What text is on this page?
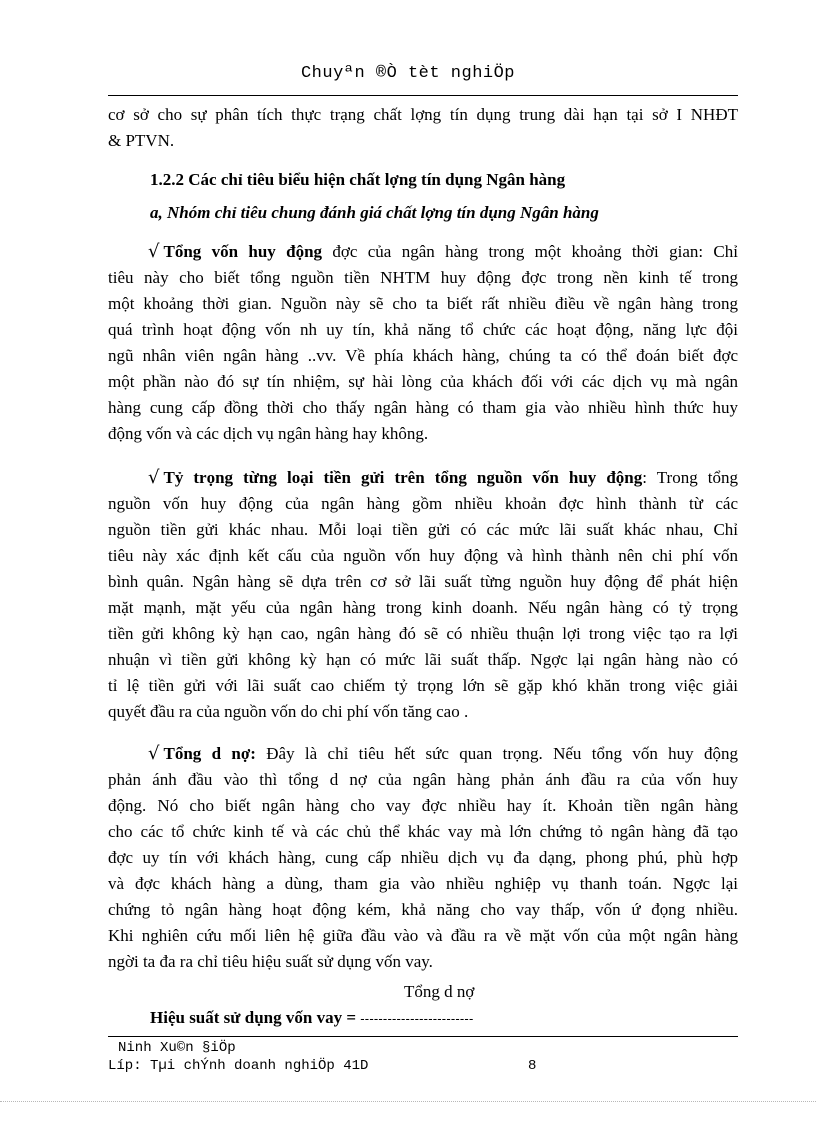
Chuyªn ®Ò tèt nghiÖp
cơ sở cho sự phân tích thực trạng chất lợng tín dụng trung dài hạn tại sở I NHĐT
& PTVN.
1.2.2 Các chỉ tiêu biểu hiện chất lợng tín dụng Ngân hàng
a, Nhóm chỉ tiêu chung đánh giá chất lợng tín dụng Ngân hàng
√ Tổng vốn huy động đợc của ngân hàng trong một khoảng thời gian: Chỉ
tiêu này cho biết tổng nguồn tiền NHTM huy động đợc trong nền kinh tế trong
một khoảng thời gian. Nguồn này sẽ cho ta biết rất nhiều điều về ngân hàng trong
quá trình hoạt động vốn nh uy tín, khả năng tổ chức các hoạt động, năng lực đội
ngũ nhân viên ngân hàng ..vv. Về phía khách hàng, chúng ta có thể đoán biết đợc
một phần nào đó sự tín nhiệm, sự hài lòng của khách đối với các dịch vụ mà ngân
hàng cung cấp đồng thời cho thấy ngân hàng có tham gia vào nhiều hình thức huy
động vốn và các dịch vụ ngân hàng hay không.
√ Tỷ trọng từng loại tiền gửi trên tổng nguồn vốn huy động: Trong tổng
nguồn vốn huy động của ngân hàng gồm nhiều khoản đợc hình thành từ các
nguồn tiền gửi khác nhau. Mỗi loại tiền gửi có các mức lãi suất khác nhau, Chỉ
tiêu này xác định kết cấu của nguồn vốn huy động và hình thành nên chi phí vốn
bình quân. Ngân hàng sẽ dựa trên cơ sở lãi suất từng nguồn huy động để phát hiện
mặt mạnh, mặt yếu của ngân hàng trong kinh doanh. Nếu ngân hàng có tỷ trọng
tiền gửi không kỳ hạn cao, ngân hàng đó sẽ có nhiều thuận lợi trong việc tạo ra lợi
nhuận vì tiền gửi không kỳ hạn có mức lãi suất thấp. Ngợc lại ngân hàng nào có
tỉ lệ tiền gửi với lãi suất cao chiếm tỷ trọng lớn sẽ gặp khó khăn trong việc giải
quyết đầu ra của nguồn vốn do chi phí vốn tăng cao .
√ Tổng d nợ: Đây là chỉ tiêu hết sức quan trọng. Nếu tổng vốn huy động
phản ánh đầu vào thì tổng d nợ của ngân hàng phản ánh đầu ra của vốn huy
động. Nó cho biết ngân hàng cho vay đợc nhiều hay ít. Khoản tiền ngân hàng
cho các tổ chức kinh tế và các chủ thể khác vay mà lớn chứng tỏ ngân hàng đã tạo
đợc uy tín với khách hàng, cung cấp nhiều dịch vụ đa dạng, phong phú, phù hợp
và đợc khách hàng a dùng, tham gia vào nhiều nghiệp vụ thanh toán. Ngợc lại
chứng tỏ ngân hàng hoạt động kém, khả năng cho vay thấp, vốn ứ đọng nhiều.
Khi nghiên cứu mối liên hệ giữa đầu vào và đầu ra về mặt vốn của một ngân hàng
ngời ta đa ra chỉ tiêu hiệu suất sử dụng vốn vay.
Tổng d nợ
Hiệu suất sử dụng vốn vay = -------------------------
Ninh Xu©n §iÖp
Líp: Tµi chÝnh doanh nghiÖp 41D	8
